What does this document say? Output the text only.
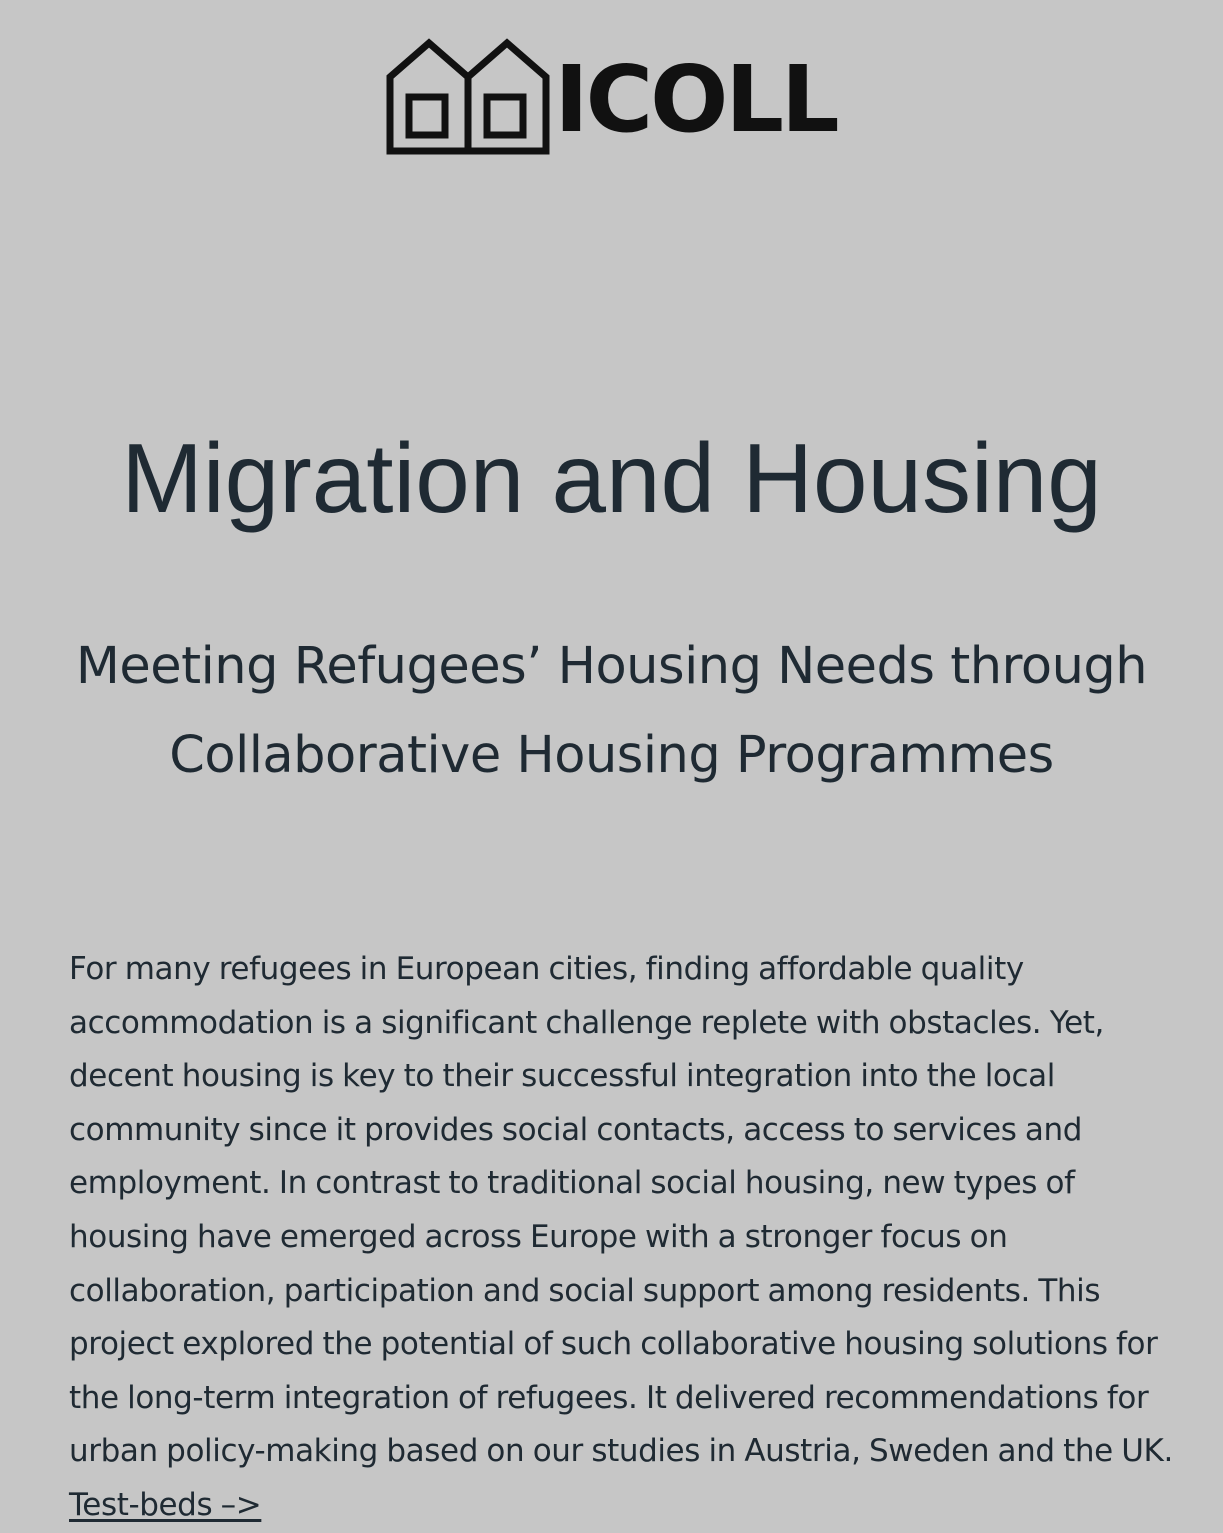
ICOLL
Migration and Housing
Meeting Refugees’ Housing Needs through Collaborative Housing Programmes

For many refugees in European cities, finding affordable quality accommodation is a significant challenge replete with obstacles. Yet, decent housing is key to their successful integration into the local community since it provides social contacts, access to services and employment. In contrast to traditional social housing, new types of housing have emerged across Europe with a stronger focus on collaboration, participation and social support among residents. This project explored the potential of such collaborative housing solutions for the long-term integration of refugees. It delivered recommendations for urban policy-making based on our studies in Austria, Sweden and the UK. Test-beds –>
